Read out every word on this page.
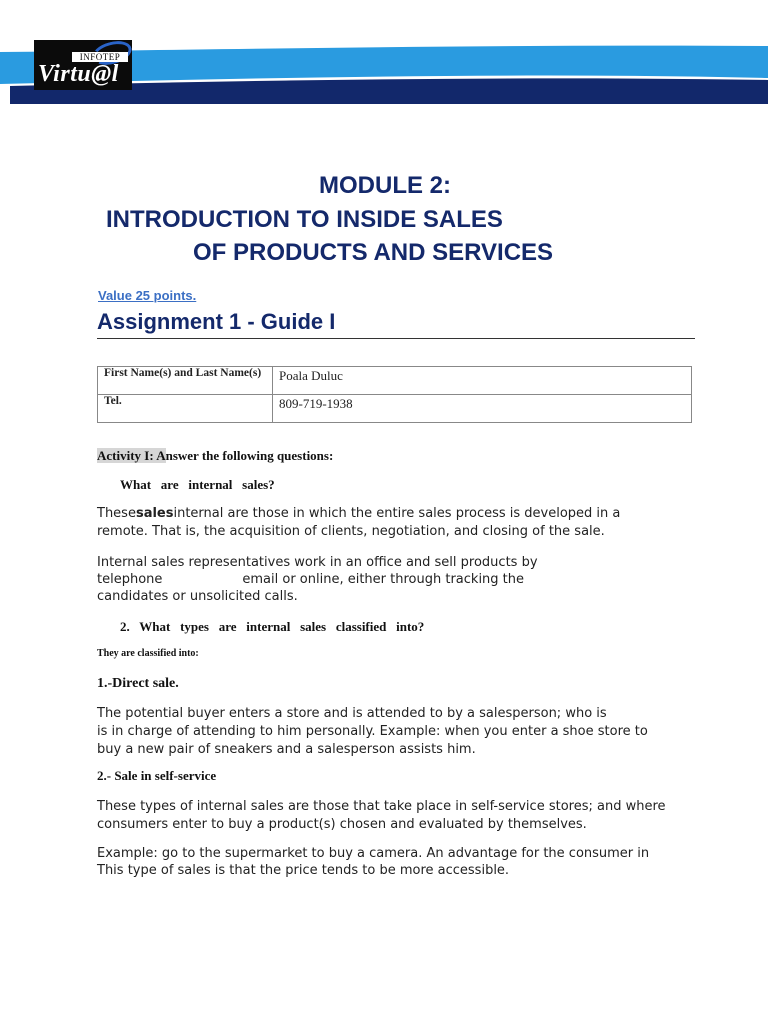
INFOTEP
Virtu@l
MODULE 2:
INTRODUCTION TO INSIDE SALES
OF PRODUCTS AND SERVICES
Value 25 points.
Assignment 1 - Guide I
First Name(s) and Last Name(s)	Poala Duluc
Tel.	809-719-1938
Activity I: Answer the following questions:
What   are   internal   sales?

Thesesalesinternal are those in which the entire sales process is developed in a

remote. That is, the acquisition of clients, negotiation, and closing of the sale.

Internal sales representatives work in an office and sell products by

telephone	email or online, either through tracking the

candidates or unsolicited calls.

2.   What   types   are   internal   sales   classified   into?
They are classified into:
1.-Direct sale.

The potential buyer enters a store and is attended to by a salesperson; who is

is in charge of attending to him personally. Example: when you enter a shoe store to

buy a new pair of sneakers and a salesperson assists him.

2.- Sale in self-service

These types of internal sales are those that take place in self-service stores; and where

consumers enter to buy a product(s) chosen and evaluated by themselves.

Example: go to the supermarket to buy a camera. An advantage for the consumer in

This type of sales is that the price tends to be more accessible.
